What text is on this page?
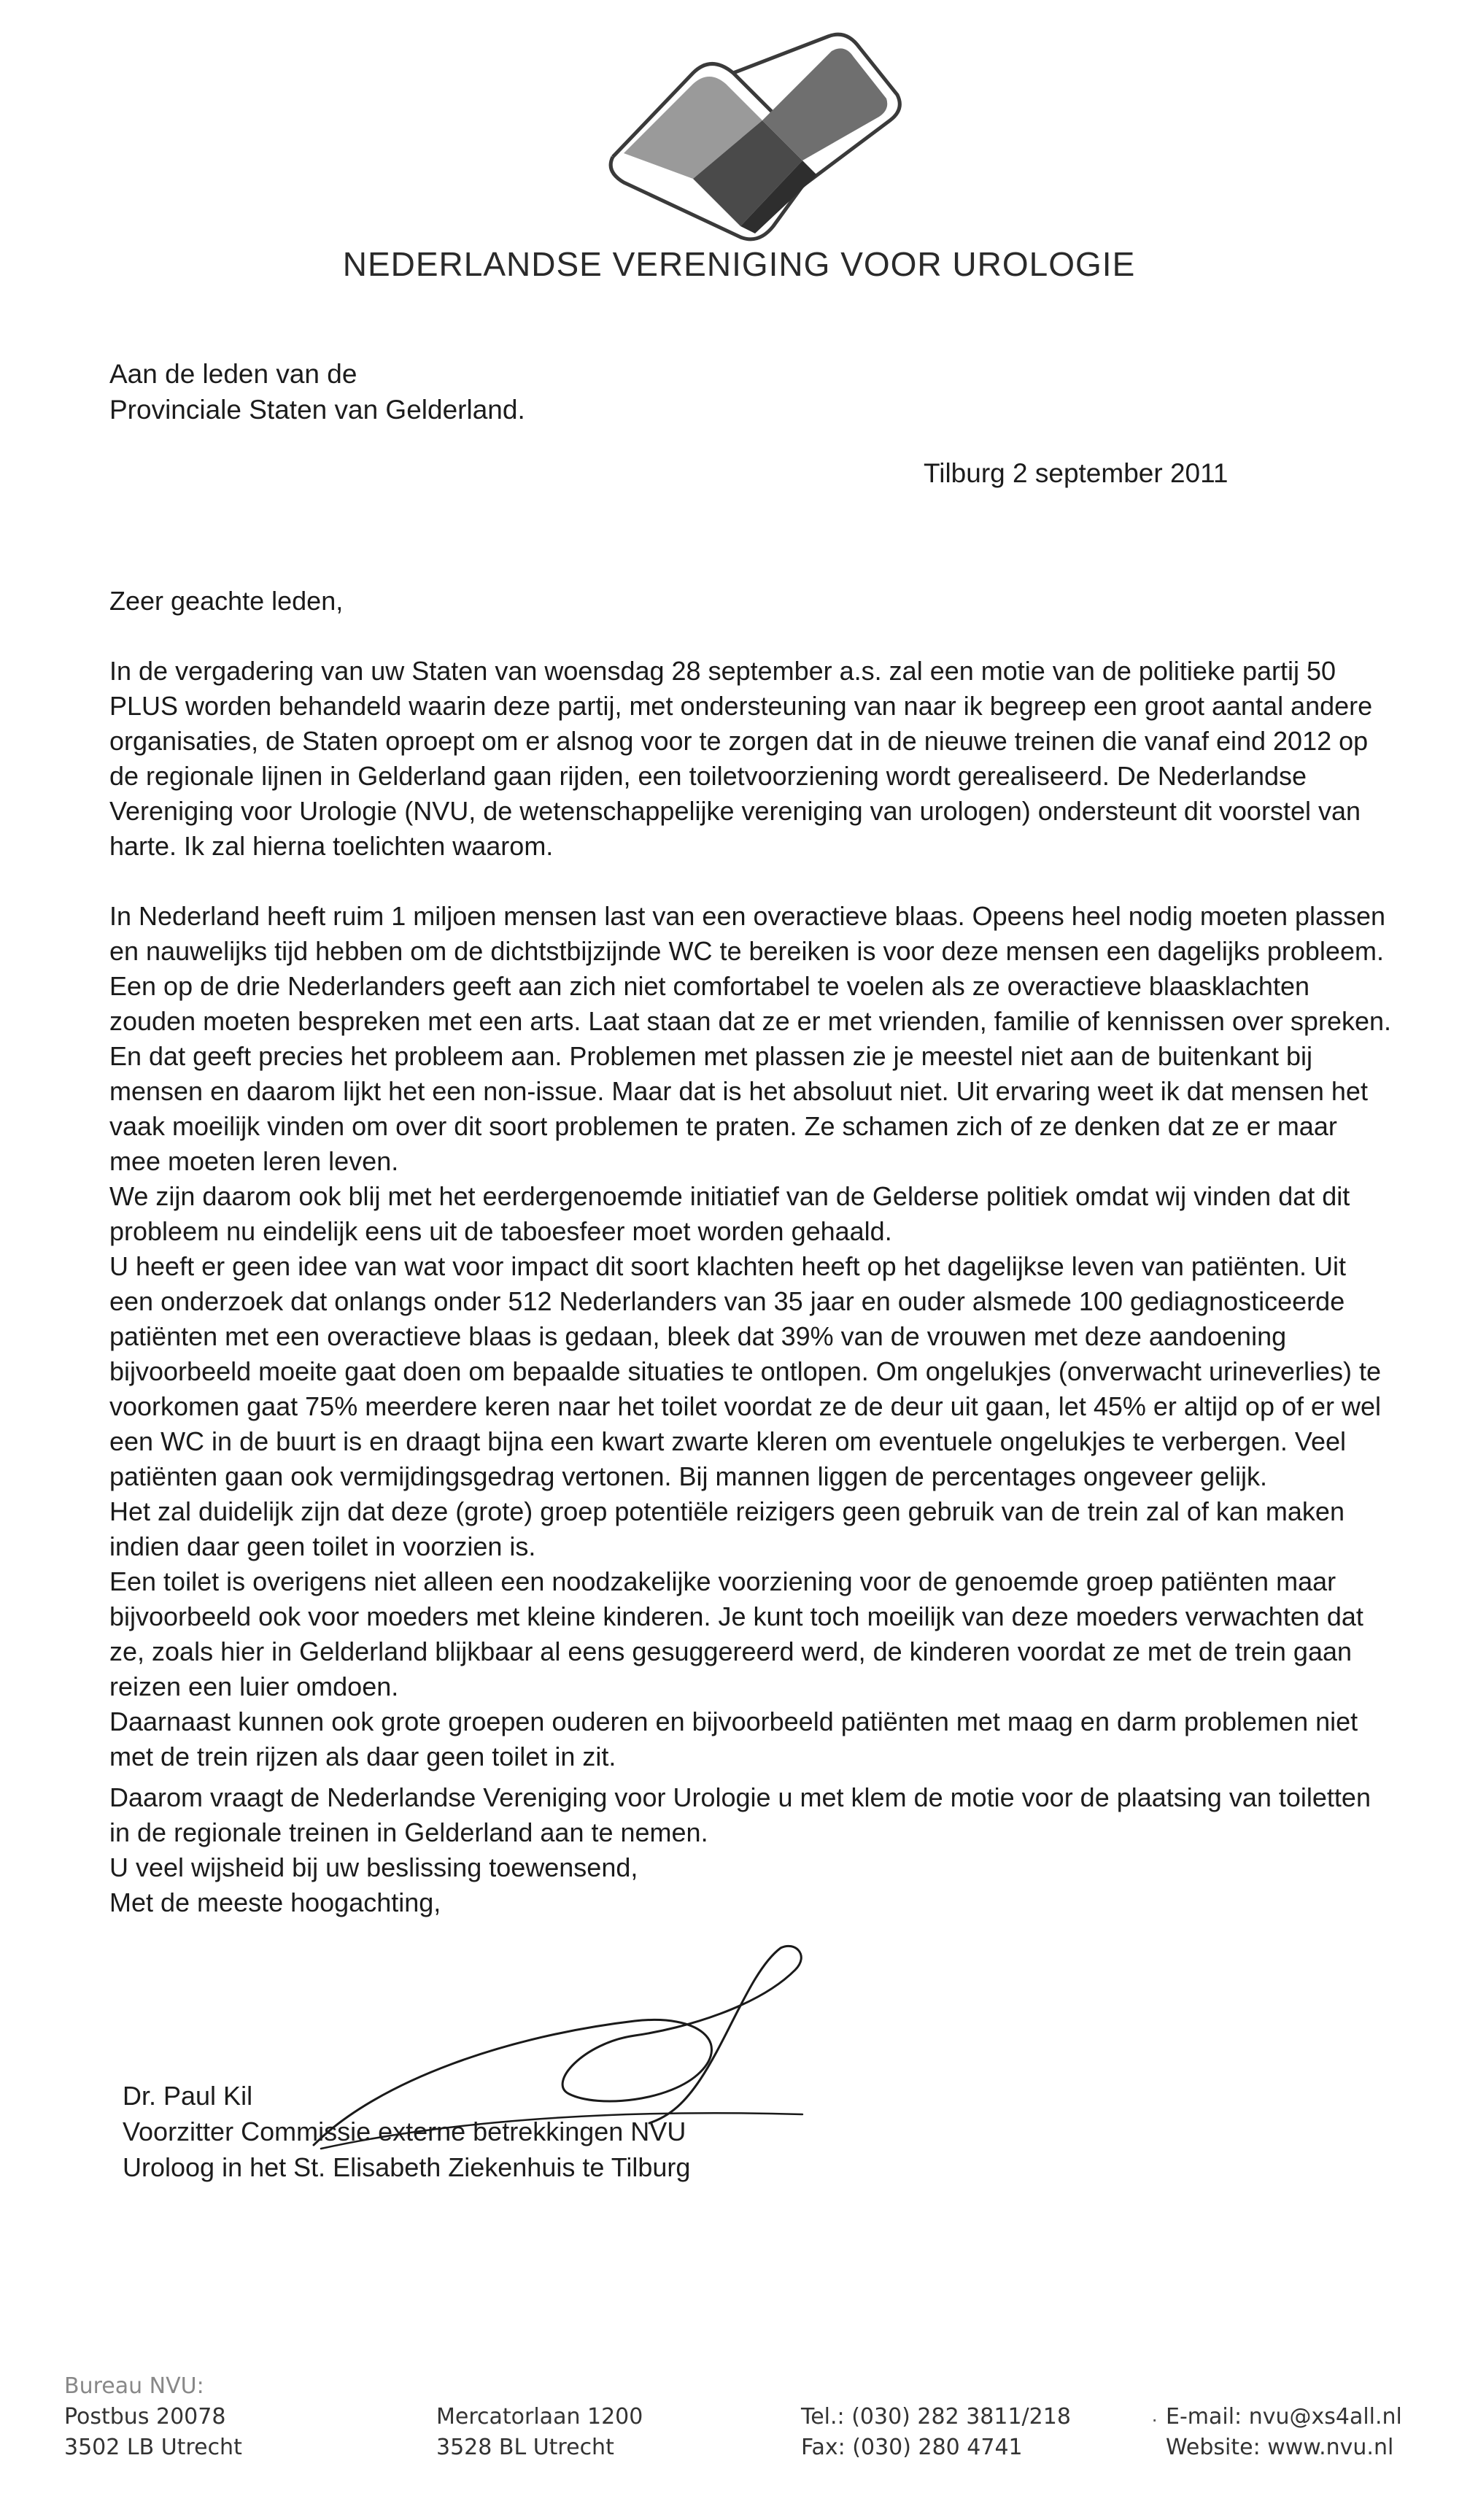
NEDERLANDSE VERENIGING VOOR UROLOGIE
Aan de leden van de
Provinciale Staten van Gelderland.
Tilburg 2 september 2011

Zeer geachte leden,

In de vergadering van uw Staten van woensdag 28 september a.s. zal een motie van de politieke partij 50 PLUS worden behandeld waarin deze partij, met ondersteuning van naar ik begreep een groot aantal andere organisaties, de Staten oproept om er alsnog voor te zorgen dat in de nieuwe treinen die vanaf eind 2012 op de regionale lijnen in Gelderland gaan rijden, een toiletvoorziening wordt gerealiseerd. De Nederlandse Vereniging voor Urologie (NVU, de wetenschappelijke vereniging van urologen) ondersteunt dit voorstel van harte. Ik zal hierna toelichten waarom.

In Nederland heeft ruim 1 miljoen mensen last van een overactieve blaas. Opeens heel nodig moeten plassen en nauwelijks tijd hebben om de dichtstbijzijnde WC te bereiken is voor deze mensen een dagelijks probleem.

Een op de drie Nederlanders geeft aan zich niet comfortabel te voelen als ze overactieve blaasklachten zouden moeten bespreken met een arts. Laat staan dat ze er met vrienden, familie of kennissen over spreken. En dat geeft precies het probleem aan. Problemen met plassen zie je meestel niet aan de buitenkant bij mensen en daarom lijkt het een non-issue. Maar dat is het absoluut niet. Uit ervaring weet ik dat mensen het vaak moeilijk vinden om over dit soort problemen te praten. Ze schamen zich of ze denken dat ze er maar mee moeten leren leven.

We zijn daarom ook blij met het eerdergenoemde initiatief van de Gelderse politiek omdat wij vinden dat dit probleem nu eindelijk eens uit de taboesfeer moet worden gehaald.

U heeft er geen idee van wat voor impact dit soort klachten heeft op het dagelijkse leven van patiënten. Uit een onderzoek dat onlangs onder 512 Nederlanders van 35 jaar en ouder alsmede 100 gediagnosticeerde patiënten met een overactieve blaas is gedaan, bleek dat 39% van de vrouwen met deze aandoening bijvoorbeeld moeite gaat doen om bepaalde situaties te ontlopen. Om ongelukjes (onverwacht urineverlies) te voorkomen gaat 75% meerdere keren naar het toilet voordat ze de deur uit gaan, let 45% er altijd op of er wel een WC in de buurt is en draagt bijna een kwart zwarte kleren om eventuele ongelukjes te verbergen. Veel patiënten gaan ook vermijdingsgedrag vertonen. Bij mannen liggen de percentages ongeveer gelijk.

Het zal duidelijk zijn dat deze (grote) groep potentiële reizigers geen gebruik van de trein zal of kan maken indien daar geen toilet in voorzien is.

Een toilet is overigens niet alleen een noodzakelijke voorziening voor de genoemde groep patiënten maar bijvoorbeeld ook voor moeders met kleine kinderen. Je kunt toch moeilijk van deze moeders verwachten dat ze, zoals hier in Gelderland blijkbaar al eens gesuggereerd werd, de kinderen voordat ze met de trein gaan reizen een luier omdoen.

Daarnaast kunnen ook grote groepen ouderen en bijvoorbeeld patiënten met maag en darm problemen niet met de trein rijzen als daar geen toilet in zit.

Daarom vraagt de Nederlandse Vereniging voor Urologie u met klem de motie voor de plaatsing van toiletten in de regionale treinen in Gelderland aan te nemen.

U veel wijsheid bij uw beslissing toewensend,

Met de meeste hoogachting,

Dr. Paul Kil
Voorzitter Commissie externe betrekkingen NVU
Uroloog in het St. Elisabeth Ziekenhuis te Tilburg
Bureau NVU:
Postbus 20078
3502 LB Utrecht
Mercatorlaan 1200
3528 BL Utrecht
Tel.: (030) 282 3811/218
Fax: (030) 280 4741
· E-mail: nvu@xs4all.nl
Website: www.nvu.nl
